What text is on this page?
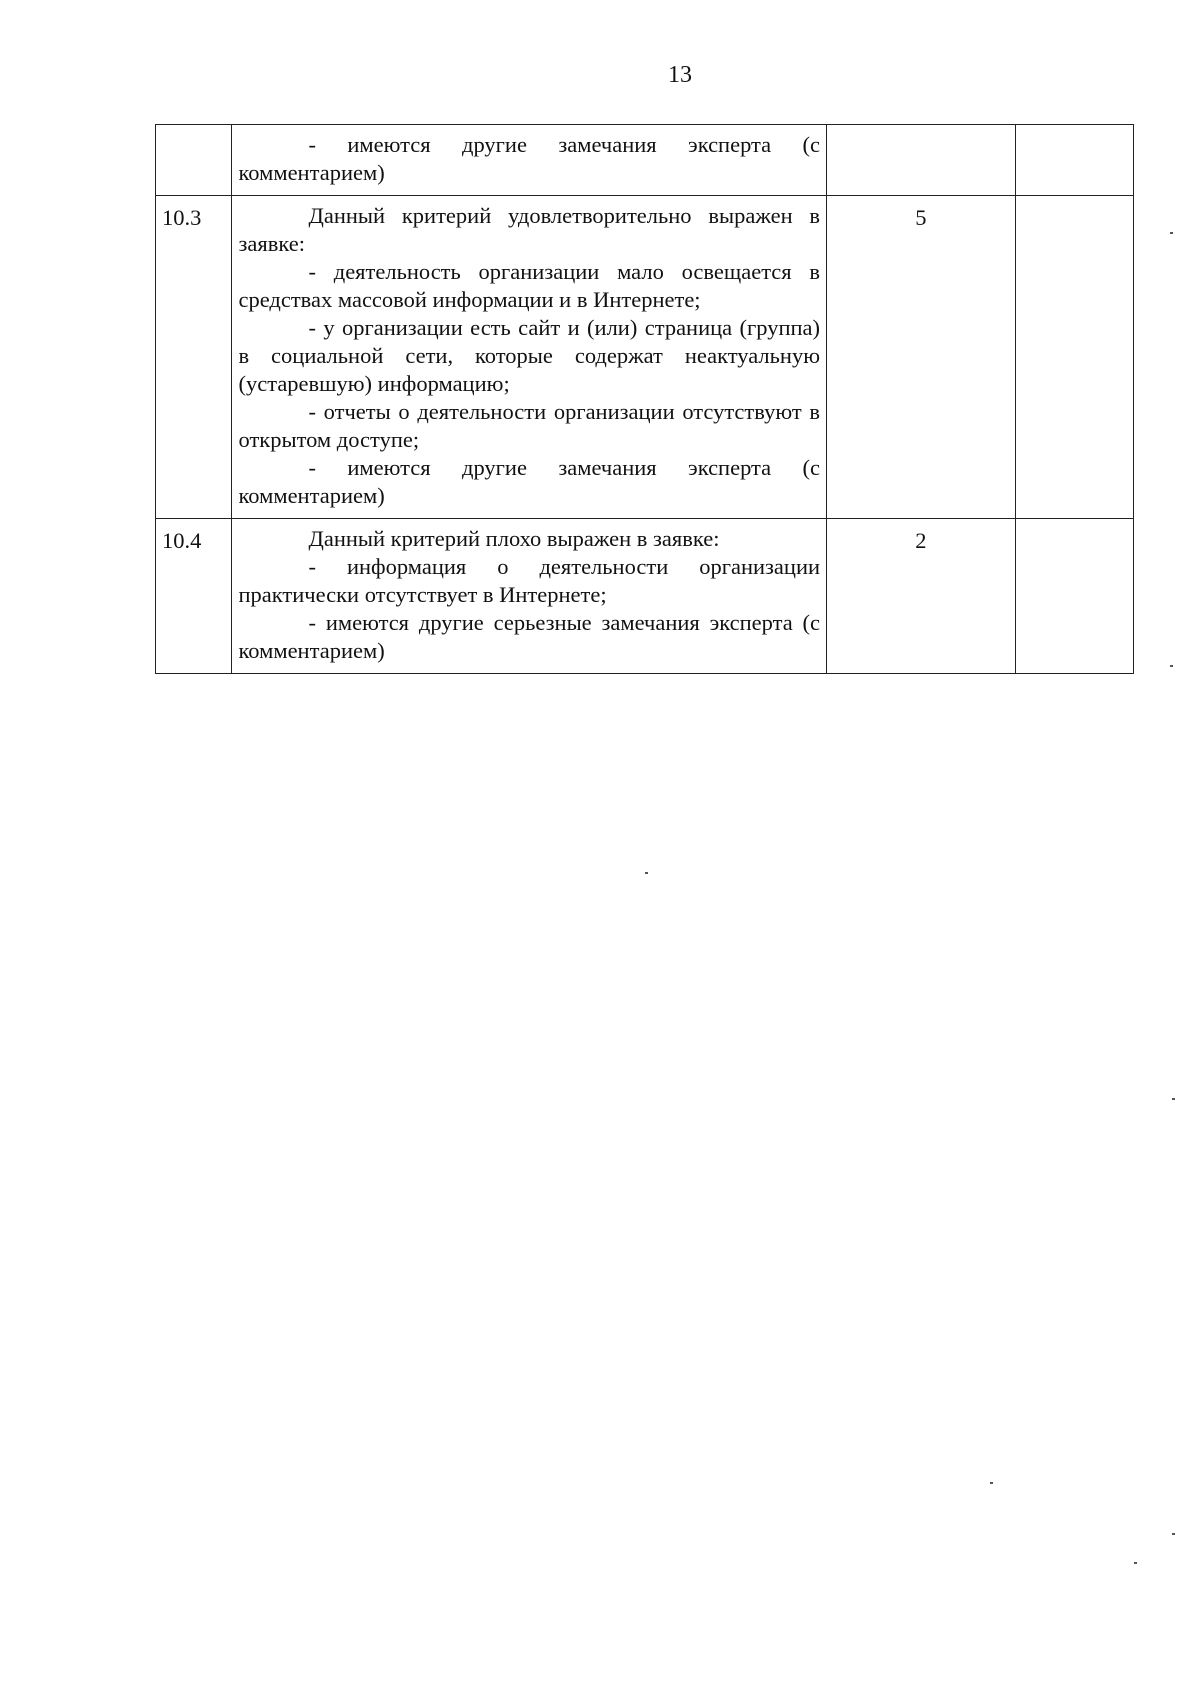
13

	- имеются другие замечания эксперта (с комментарием)		

10.3	Данный критерий удовлетворительно выражен в заявке:
- деятельность организации мало освещается в средствах массовой информации и в Интернете;
- у организации есть сайт и (или) страница (группа) в социальной сети, которые содержат неактуальную (устаревшую) информацию;
- отчеты о деятельности организации отсутствуют в открытом доступе;
- имеются другие замечания эксперта (с комментарием)	5	
10.4	Данный критерий плохо выражен в заявке:
- информация о деятельности организации практически отсутствует в Интернете;
- имеются другие серьезные замечания эксперта (с комментарием)	2	
